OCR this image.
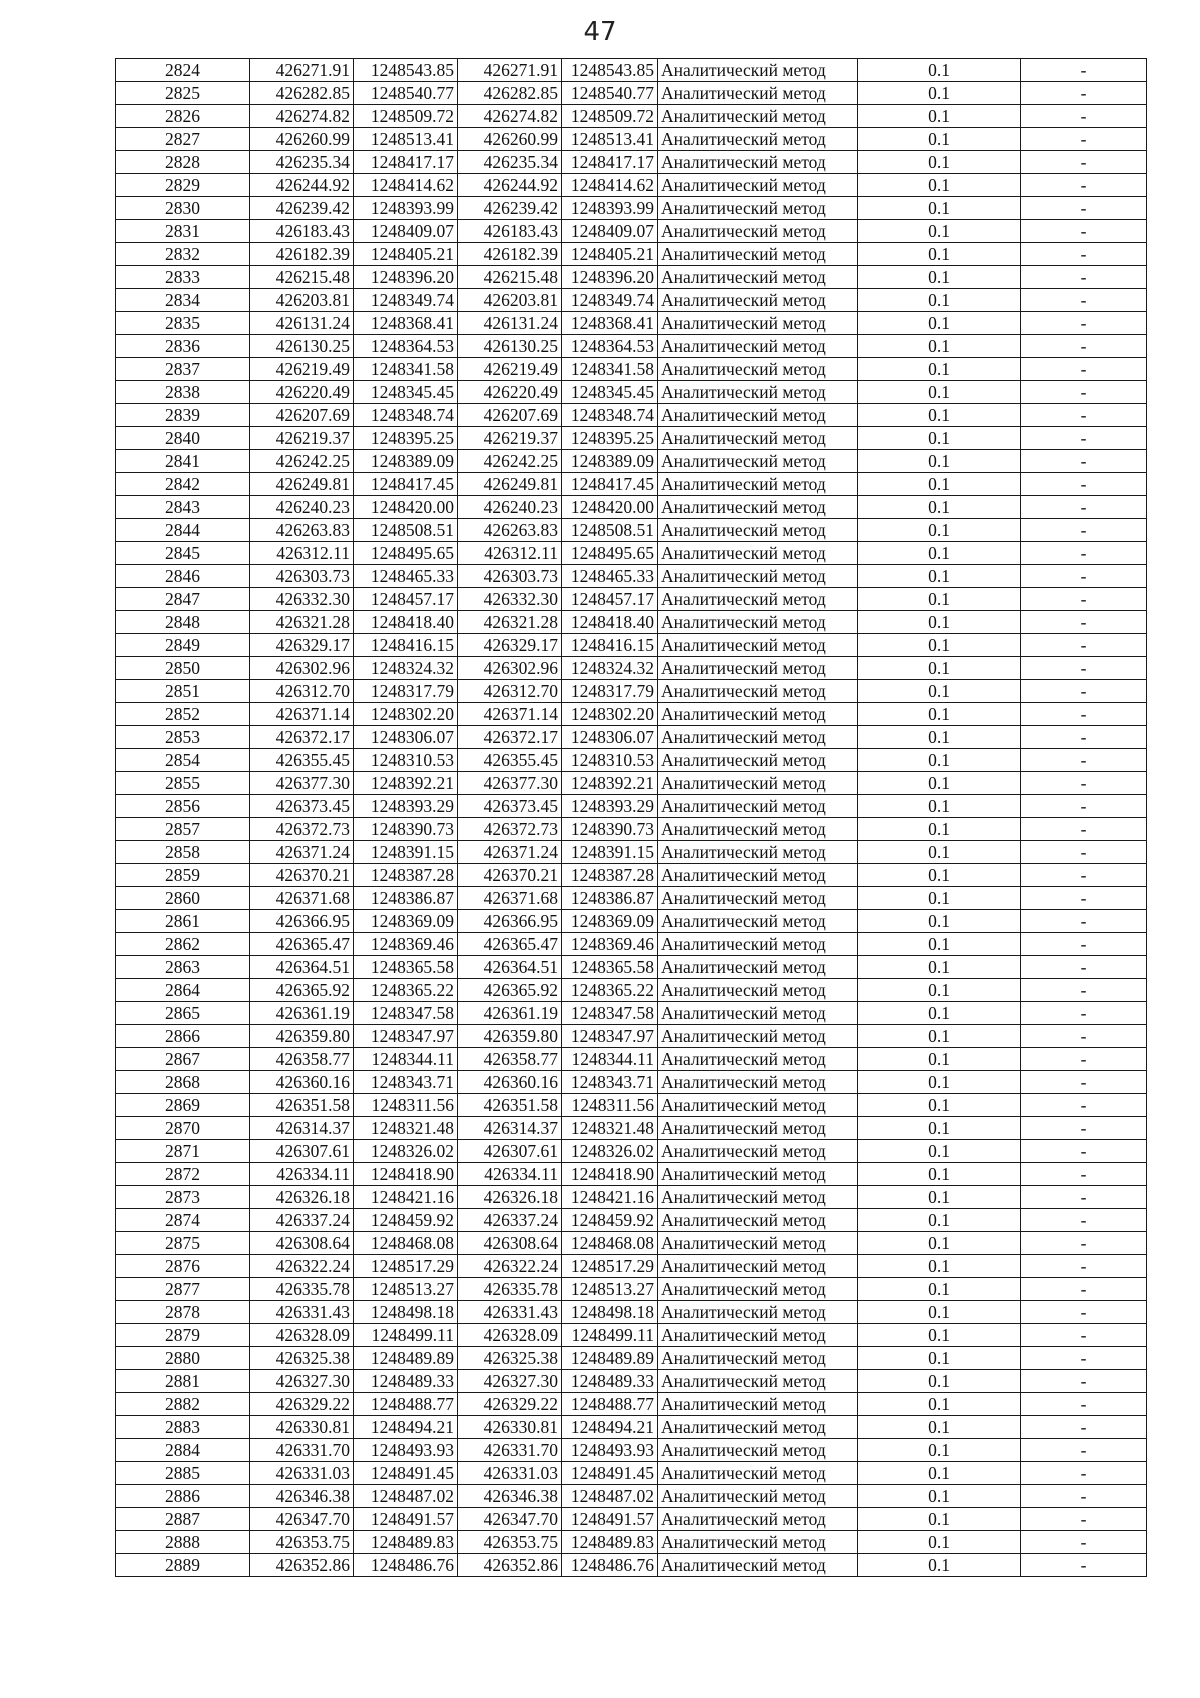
47
2824	426271.91	1248543.85	426271.91	1248543.85	Аналитический метод	0.1	-
2825	426282.85	1248540.77	426282.85	1248540.77	Аналитический метод	0.1	-
2826	426274.82	1248509.72	426274.82	1248509.72	Аналитический метод	0.1	-
2827	426260.99	1248513.41	426260.99	1248513.41	Аналитический метод	0.1	-
2828	426235.34	1248417.17	426235.34	1248417.17	Аналитический метод	0.1	-
2829	426244.92	1248414.62	426244.92	1248414.62	Аналитический метод	0.1	-
2830	426239.42	1248393.99	426239.42	1248393.99	Аналитический метод	0.1	-
2831	426183.43	1248409.07	426183.43	1248409.07	Аналитический метод	0.1	-
2832	426182.39	1248405.21	426182.39	1248405.21	Аналитический метод	0.1	-
2833	426215.48	1248396.20	426215.48	1248396.20	Аналитический метод	0.1	-
2834	426203.81	1248349.74	426203.81	1248349.74	Аналитический метод	0.1	-
2835	426131.24	1248368.41	426131.24	1248368.41	Аналитический метод	0.1	-
2836	426130.25	1248364.53	426130.25	1248364.53	Аналитический метод	0.1	-
2837	426219.49	1248341.58	426219.49	1248341.58	Аналитический метод	0.1	-
2838	426220.49	1248345.45	426220.49	1248345.45	Аналитический метод	0.1	-
2839	426207.69	1248348.74	426207.69	1248348.74	Аналитический метод	0.1	-
2840	426219.37	1248395.25	426219.37	1248395.25	Аналитический метод	0.1	-
2841	426242.25	1248389.09	426242.25	1248389.09	Аналитический метод	0.1	-
2842	426249.81	1248417.45	426249.81	1248417.45	Аналитический метод	0.1	-
2843	426240.23	1248420.00	426240.23	1248420.00	Аналитический метод	0.1	-
2844	426263.83	1248508.51	426263.83	1248508.51	Аналитический метод	0.1	-
2845	426312.11	1248495.65	426312.11	1248495.65	Аналитический метод	0.1	-
2846	426303.73	1248465.33	426303.73	1248465.33	Аналитический метод	0.1	-
2847	426332.30	1248457.17	426332.30	1248457.17	Аналитический метод	0.1	-
2848	426321.28	1248418.40	426321.28	1248418.40	Аналитический метод	0.1	-
2849	426329.17	1248416.15	426329.17	1248416.15	Аналитический метод	0.1	-
2850	426302.96	1248324.32	426302.96	1248324.32	Аналитический метод	0.1	-
2851	426312.70	1248317.79	426312.70	1248317.79	Аналитический метод	0.1	-
2852	426371.14	1248302.20	426371.14	1248302.20	Аналитический метод	0.1	-
2853	426372.17	1248306.07	426372.17	1248306.07	Аналитический метод	0.1	-
2854	426355.45	1248310.53	426355.45	1248310.53	Аналитический метод	0.1	-
2855	426377.30	1248392.21	426377.30	1248392.21	Аналитический метод	0.1	-
2856	426373.45	1248393.29	426373.45	1248393.29	Аналитический метод	0.1	-
2857	426372.73	1248390.73	426372.73	1248390.73	Аналитический метод	0.1	-
2858	426371.24	1248391.15	426371.24	1248391.15	Аналитический метод	0.1	-
2859	426370.21	1248387.28	426370.21	1248387.28	Аналитический метод	0.1	-
2860	426371.68	1248386.87	426371.68	1248386.87	Аналитический метод	0.1	-
2861	426366.95	1248369.09	426366.95	1248369.09	Аналитический метод	0.1	-
2862	426365.47	1248369.46	426365.47	1248369.46	Аналитический метод	0.1	-
2863	426364.51	1248365.58	426364.51	1248365.58	Аналитический метод	0.1	-
2864	426365.92	1248365.22	426365.92	1248365.22	Аналитический метод	0.1	-
2865	426361.19	1248347.58	426361.19	1248347.58	Аналитический метод	0.1	-
2866	426359.80	1248347.97	426359.80	1248347.97	Аналитический метод	0.1	-
2867	426358.77	1248344.11	426358.77	1248344.11	Аналитический метод	0.1	-
2868	426360.16	1248343.71	426360.16	1248343.71	Аналитический метод	0.1	-
2869	426351.58	1248311.56	426351.58	1248311.56	Аналитический метод	0.1	-
2870	426314.37	1248321.48	426314.37	1248321.48	Аналитический метод	0.1	-
2871	426307.61	1248326.02	426307.61	1248326.02	Аналитический метод	0.1	-
2872	426334.11	1248418.90	426334.11	1248418.90	Аналитический метод	0.1	-
2873	426326.18	1248421.16	426326.18	1248421.16	Аналитический метод	0.1	-
2874	426337.24	1248459.92	426337.24	1248459.92	Аналитический метод	0.1	-
2875	426308.64	1248468.08	426308.64	1248468.08	Аналитический метод	0.1	-
2876	426322.24	1248517.29	426322.24	1248517.29	Аналитический метод	0.1	-
2877	426335.78	1248513.27	426335.78	1248513.27	Аналитический метод	0.1	-
2878	426331.43	1248498.18	426331.43	1248498.18	Аналитический метод	0.1	-
2879	426328.09	1248499.11	426328.09	1248499.11	Аналитический метод	0.1	-
2880	426325.38	1248489.89	426325.38	1248489.89	Аналитический метод	0.1	-
2881	426327.30	1248489.33	426327.30	1248489.33	Аналитический метод	0.1	-
2882	426329.22	1248488.77	426329.22	1248488.77	Аналитический метод	0.1	-
2883	426330.81	1248494.21	426330.81	1248494.21	Аналитический метод	0.1	-
2884	426331.70	1248493.93	426331.70	1248493.93	Аналитический метод	0.1	-
2885	426331.03	1248491.45	426331.03	1248491.45	Аналитический метод	0.1	-
2886	426346.38	1248487.02	426346.38	1248487.02	Аналитический метод	0.1	-
2887	426347.70	1248491.57	426347.70	1248491.57	Аналитический метод	0.1	-
2888	426353.75	1248489.83	426353.75	1248489.83	Аналитический метод	0.1	-
2889	426352.86	1248486.76	426352.86	1248486.76	Аналитический метод	0.1	-
